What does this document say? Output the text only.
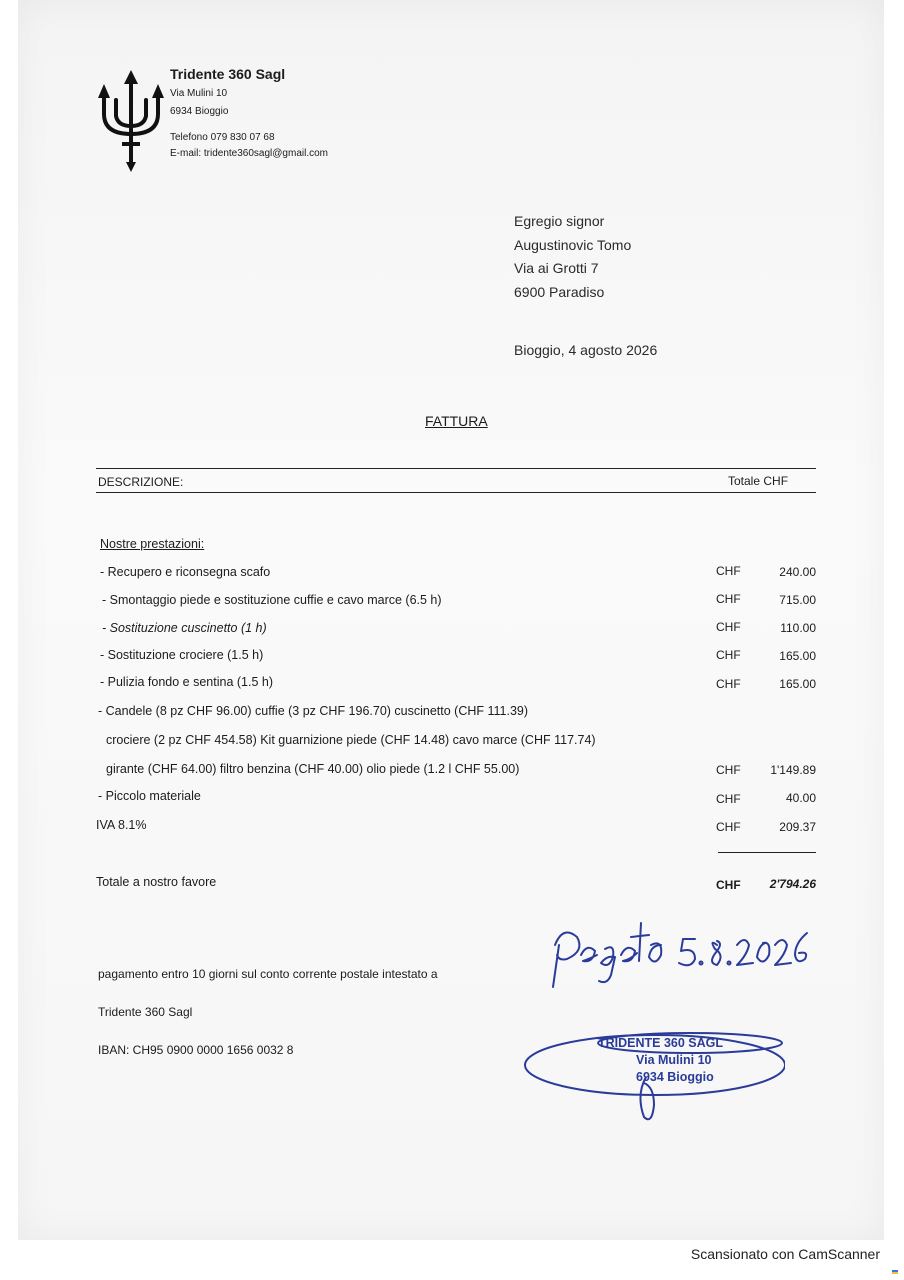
Tridente 360 Sagl
Via Mulini 10
6934 Bioggio
Telefono 079 830 07 68
E-mail: tridente360sagl@gmail.com
Egregio signor
Augustinovic Tomo
Via ai Grotti 7
6900 Paradiso
Bioggio, 4 agosto 2026
FATTURA
DESCRIZIONE:	Totale CHF
Nostre prestazioni:
- Recupero e riconsegna scafo	CHF	240.00
- Smontaggio piede e sostituzione cuffie e cavo marce (6.5 h)	CHF	715.00
- Sostituzione cuscinetto (1 h)	CHF	110.00
- Sostituzione crociere (1.5 h)	CHF	165.00
- Pulizia fondo e sentina (1.5 h)	CHF	165.00
- Candele (8 pz CHF 96.00) cuffie (3 pz CHF 196.70) cuscinetto (CHF 111.39)
crociere (2 pz CHF 454.58) Kit guarnizione piede (CHF 14.48) cavo marce (CHF 117.74)
girante (CHF 64.00) filtro benzina (CHF 40.00) olio piede (1.2 l CHF 55.00)	CHF	1'149.89
- Piccolo materiale	CHF	40.00
IVA 8.1%	CHF	209.37
Totale a nostro favore	CHF	2'794.26
Pagato 5.8.2026
TRIDENTE 360 SAGL
Via Mulini 10
6934 Bioggio
pagamento entro 10 giorni sul conto corrente postale intestato a
Tridente 360 Sagl
IBAN: CH95 0900 0000 1656 0032 8
Scansionato con CamScanner
